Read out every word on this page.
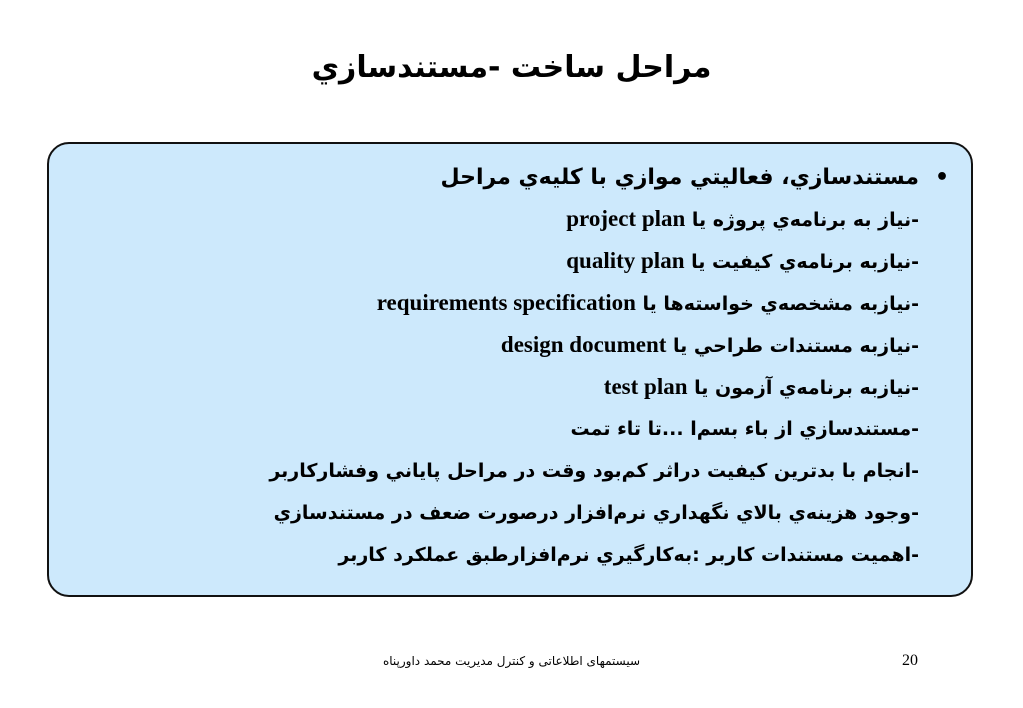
مراحل ساخت -مستندسازي
•
مستندسازي، فعاليتي موازي با كليه‌ي مراحل
-نياز به برنامه‌ي پروژه يا project plan
-نيازبه برنامه‌ي كيفيت يا quality plan
-نيازبه مشخصه‌ي خواسته‌ها يا requirements specification
-نيازبه مستندات طراحي يا design document
-نيازبه برنامه‌ي آزمون يا test plan
-مستندسازي از باء بسم‌ا ...تا تاء تمت
-انجام با بدترين كيفيت دراثر كم‌بود وقت در مراحل پاياني وفشاركاربر
-وجود هزينه‌ي بالاي نگهداري نرم‌افزار درصورت ضعف در مستندسازي
-اهميت مستندات كاربر :به‌كارگيري نرم‌افزارطبق عملكرد كاربر
سیستمهای اطلاعاتی و کنترل مدیریت محمد داورپناه	20
